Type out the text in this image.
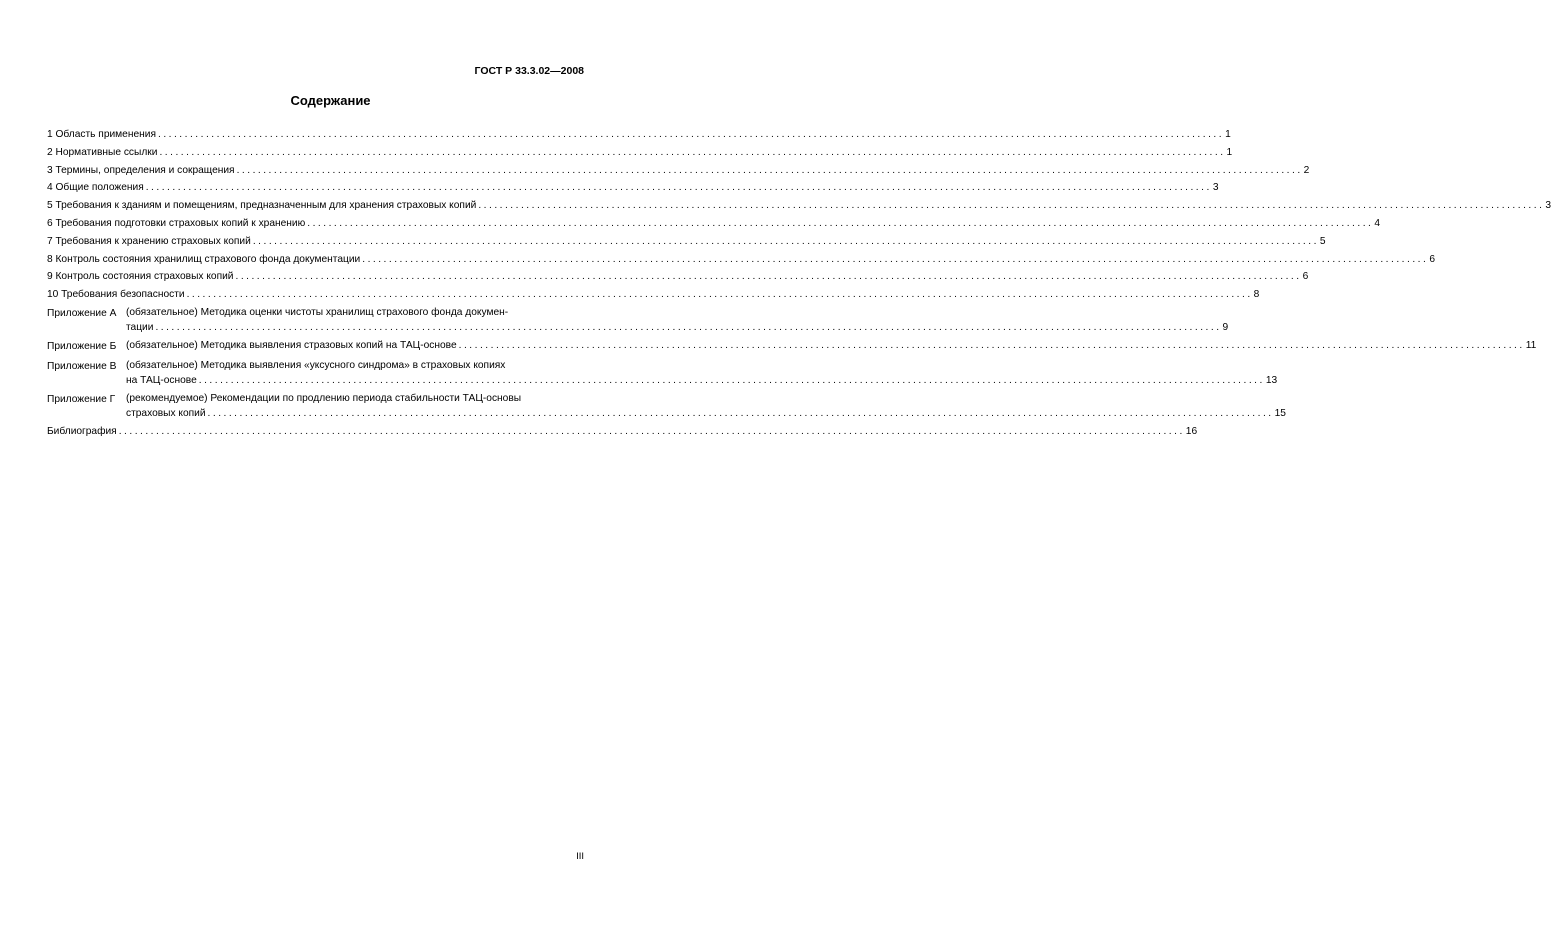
ГОСТ Р 33.3.02—2008
Содержание
1 Область применения ........................................................................................................................................................................................................ 1
2 Нормативные ссылки ........................................................................................................................................................................................................ 1
3 Термины, определения и сокращения ........................................................................................................................................................................................................ 2
4 Общие положения ........................................................................................................................................................................................................ 3
5 Требования к зданиям и помещениям, предназначенным для хранения страховых копий ........................................................................................................................................................................................................ 3
6 Требования подготовки страховых копий к хранению ........................................................................................................................................................................................................ 4
7 Требования к хранению страховых копий ........................................................................................................................................................................................................ 5
8 Контроль состояния хранилищ страхового фонда документации ........................................................................................................................................................................................................ 6
9 Контроль состояния страховых копий ........................................................................................................................................................................................................ 6
10 Требования безопасности ........................................................................................................................................................................................................ 8
Приложение А (обязательное) Методика оценки чистоты хранилищ страхового фонда докумен-
тации ........................................................................................................................................................................................................ 9
Приложение Б (обязательное) Методика выявления стразовых копий на ТАЦ-основе ........................................................................................................................................................................................................ 11
Приложение В (обязательное) Методика выявления «уксусного синдрома» в страховых копиях
на ТАЦ-основе ........................................................................................................................................................................................................ 13
Приложение Г	(рекомендуемое) Рекомендации по продлению периода стабильности ТАЦ-основы
страховых копий ........................................................................................................................................................................................................ 15
Библиография ........................................................................................................................................................................................................ 16
III
